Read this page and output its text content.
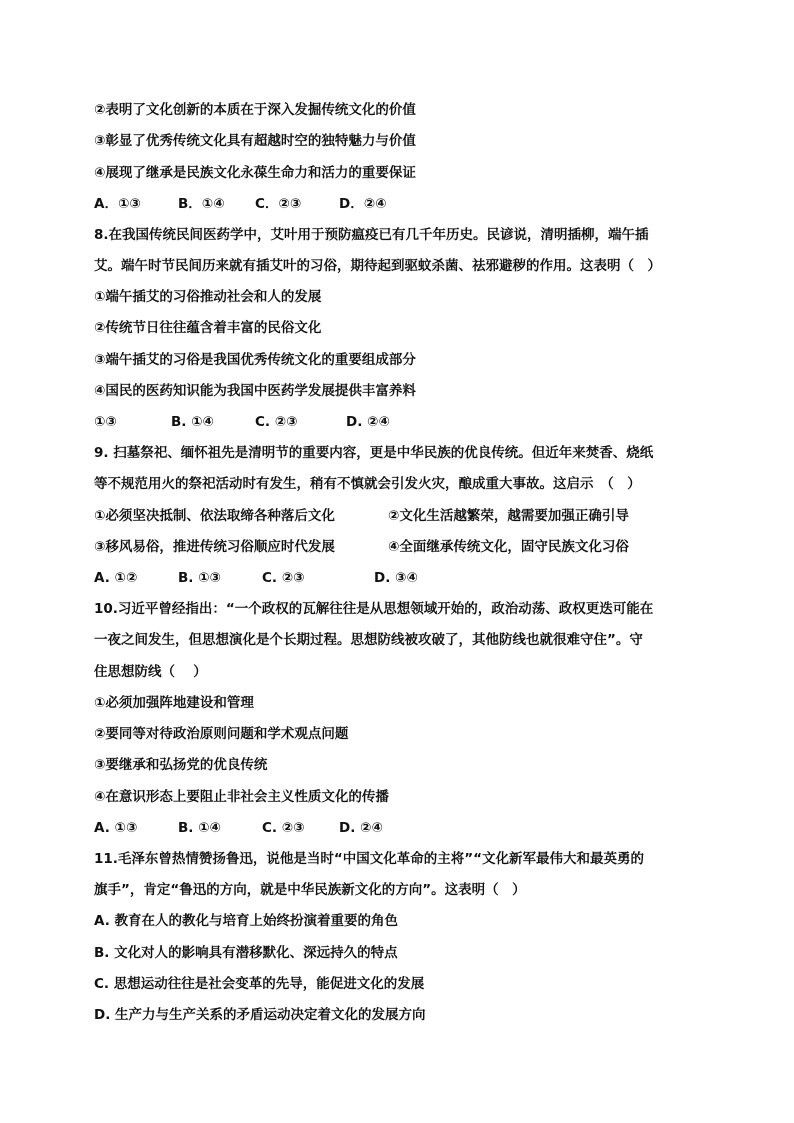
②表明了文化创新的本质在于深入发掘传统文化的价值
③彰显了优秀传统文化具有超越时空的独特魅力与价值
④展现了继承是民族文化永葆生命力和活力的重要保证
A．①③	B．①④ C．②③	D．②④
8.在我国传统民间医药学中，艾叶用于预防瘟疫已有几千年历史。民谚说，清明插柳，端午插
艾。端午时节民间历来就有插艾叶的习俗，期待起到驱蚊杀菌、祛邪避秽的作用。这表明（　）
①端午插艾的习俗推动社会和人的发展
②传统节日往往蕴含着丰富的民俗文化
③端午插艾的习俗是我国优秀传统文化的重要组成部分
④国民的医药知识能为我国中医药学发展提供丰富养料
①③	B. ①④	C. ②③	D. ②④
9. 扫墓祭祀、缅怀祖先是清明节的重要内容，更是中华民族的优良传统。但近年来焚香、烧纸
等不规范用火的祭祀活动时有发生，稍有不慎就会引发火灾，酿成重大事故。这启示　（　）
①必须坚决抵制、依法取缔各种落后文化	②文化生活越繁荣，越需要加强正确引导
③移风易俗，推进传统习俗顺应时代发展	④全面继承传统文化，固守民族文化习俗
A. ①②	B. ①③	C. ②③	D. ③④
10.习近平曾经指出：“一个政权的瓦解往往是从思想领域开始的，政治动荡、政权更迭可能在
一夜之间发生，但思想演化是个长期过程。思想防线被攻破了，其他防线也就很难守住”。守
住思想防线（　 ）
①必须加强阵地建设和管理
②要同等对待政治原则问题和学术观点问题
③要继承和弘扬党的优良传统
④在意识形态上要阻止非社会主义性质文化的传播
A. ①③	B. ①④	C. ②③	D. ②④
11.毛泽东曾热情赞扬鲁迅，说他是当时“中国文化革命的主将”“文化新军最伟大和最英勇的
旗手”，肯定“鲁迅的方向，就是中华民族新文化的方向”。这表明（　）
A. 教育在人的教化与培育上始终扮演着重要的角色
B. 文化对人的影响具有潜移默化、深远持久的特点
C. 思想运动往往是社会变革的先导，能促进文化的发展
D. 生产力与生产关系的矛盾运动决定着文化的发展方向
